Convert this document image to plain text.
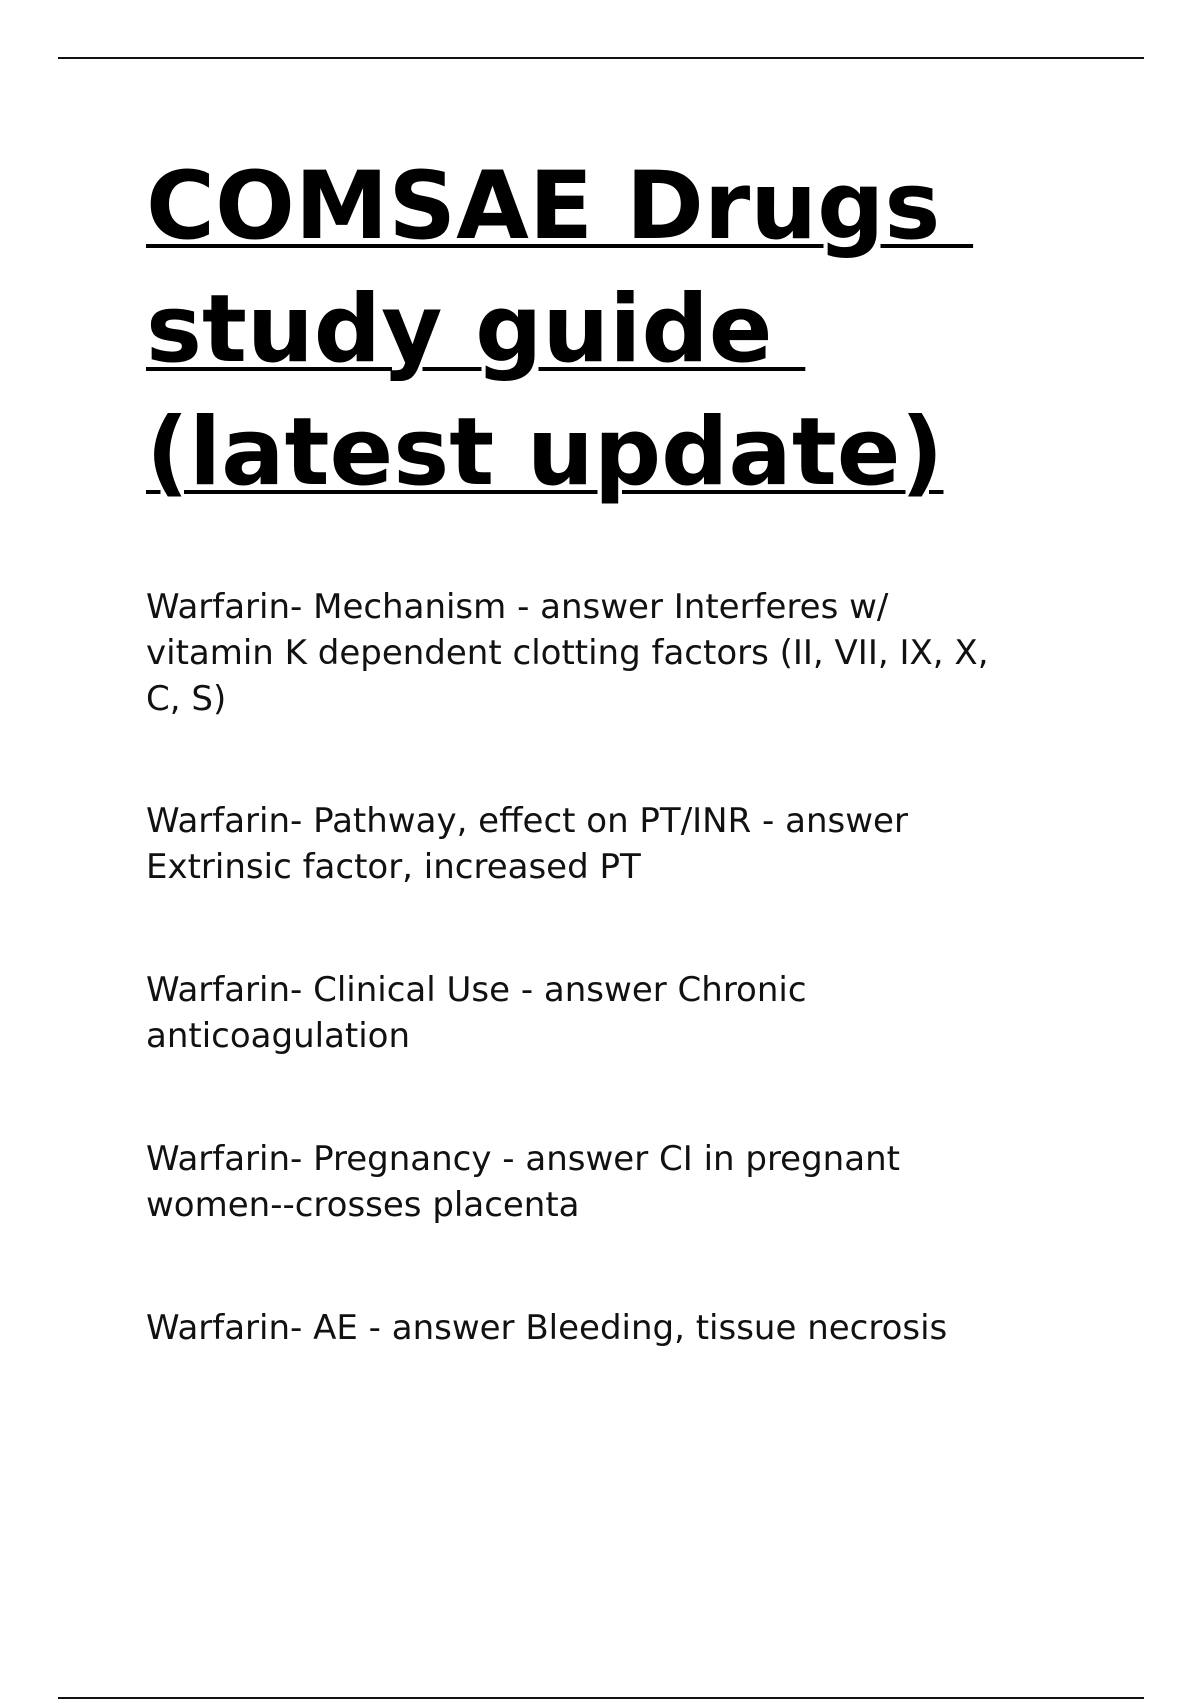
COMSAE Drugs
study guide
(latest update)
Warfarin- Mechanism - answer Interferes w/
vitamin K dependent clotting factors (II, VII, IX, X,
C, S)
Warfarin- Pathway, effect on PT/INR - answer
Extrinsic factor, increased PT
Warfarin- Clinical Use - answer Chronic
anticoagulation
Warfarin- Pregnancy - answer CI in pregnant
women--crosses placenta
Warfarin- AE - answer Bleeding, tissue necrosis
